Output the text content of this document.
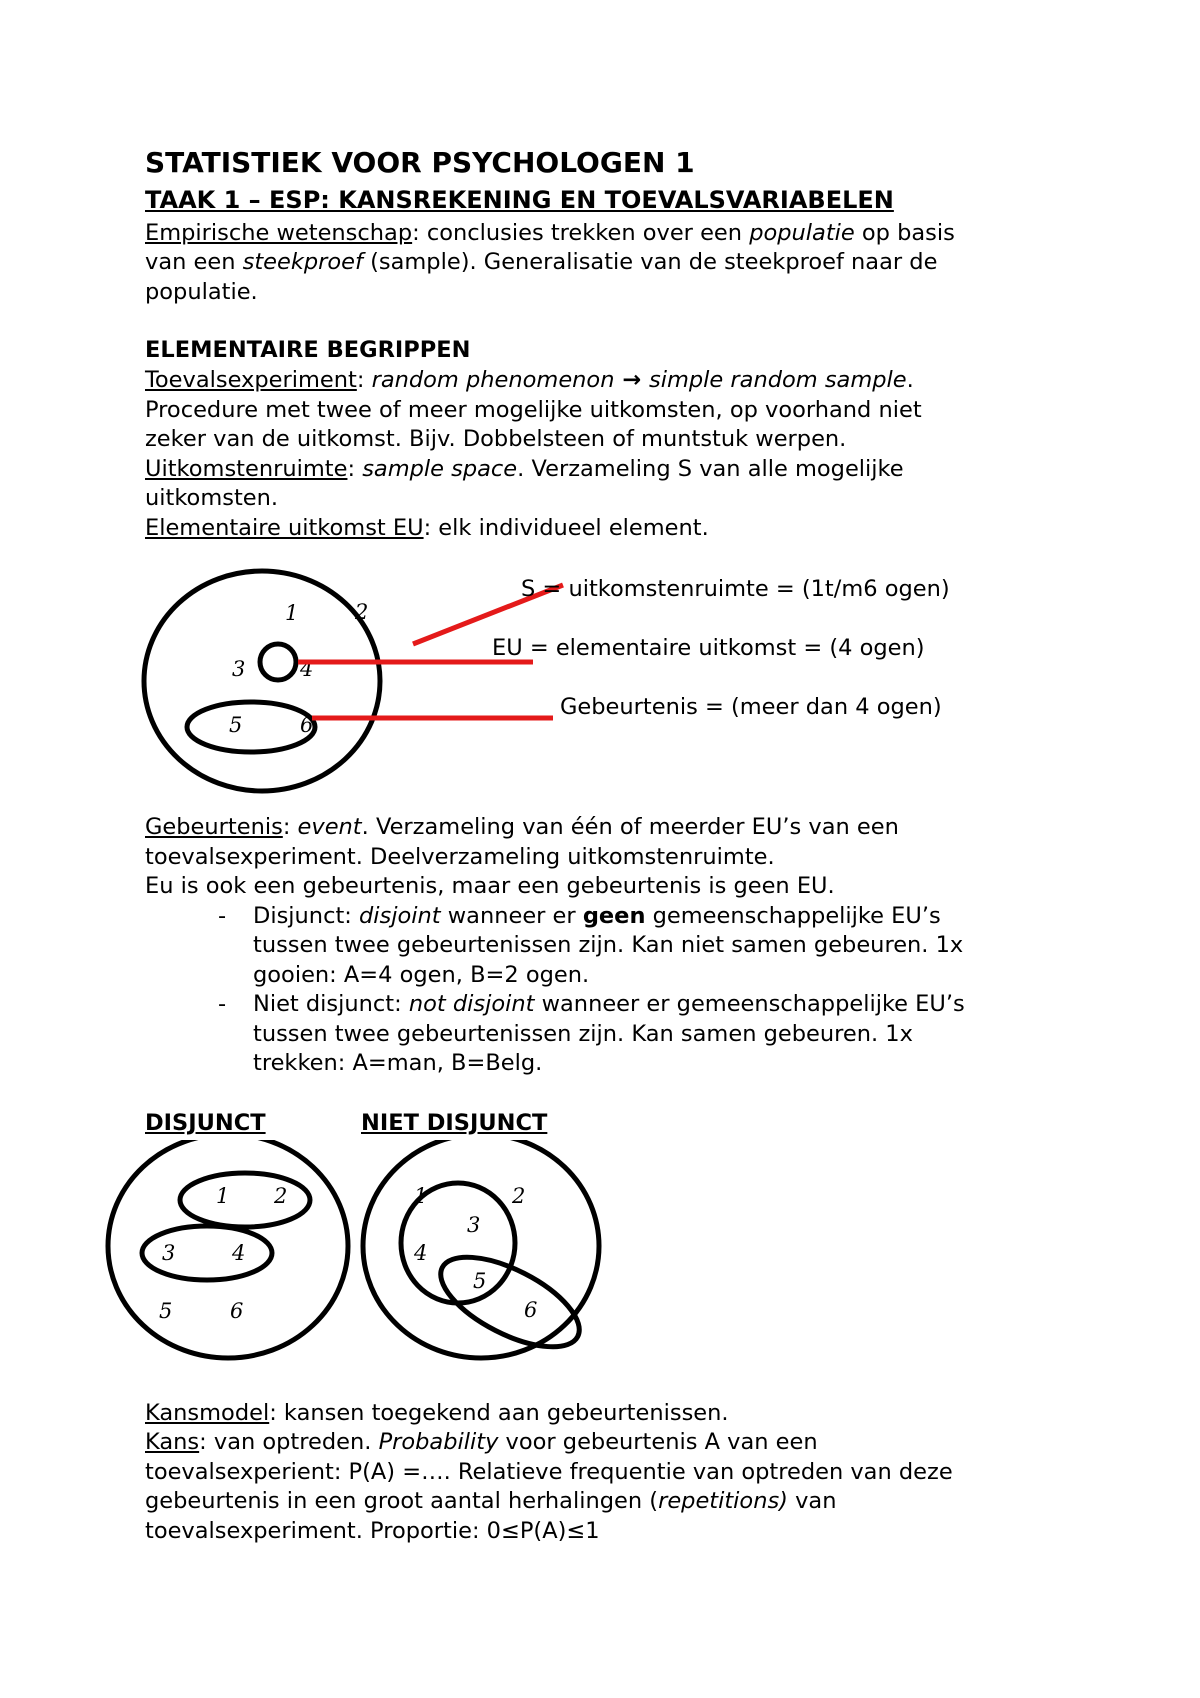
STATISTIEK VOOR PSYCHOLOGEN 1
TAAK 1 – ESP: KANSREKENING EN TOEVALSVARIABELEN
Empirische wetenschap: conclusies trekken over een populatie op basis
van een steekproef (sample). Generalisatie van de steekproef naar de
populatie.
ELEMENTAIRE BEGRIPPEN
Toevalsexperiment: random phenomenon → simple random sample.
Procedure met twee of meer mogelijke uitkomsten, op voorhand niet
zeker van de uitkomst. Bijv. Dobbelsteen of muntstuk werpen.
Uitkomstenruimte: sample space. Verzameling S van alle mogelijke
uitkomsten.
Elementaire uitkomst EU: elk individueel element.
1	2
3	4
5	6
S = uitkomstenruimte = (1t/m6 ogen)
EU = elementaire uitkomst = (4 ogen)
Gebeurtenis = (meer dan 4 ogen)
Gebeurtenis: event. Verzameling van één of meerder EU’s van een
toevalsexperiment. Deelverzameling uitkomstenruimte.
Eu is ook een gebeurtenis, maar een gebeurtenis is geen EU.
- Disjunct: disjoint wanneer er geen gemeenschappelijke EU’s
tussen twee gebeurtenissen zijn. Kan niet samen gebeuren. 1x
gooien: A=4 ogen, B=2 ogen.
- Niet disjunct: not disjoint wanneer er gemeenschappelijke EU’s
tussen twee gebeurtenissen zijn. Kan samen gebeuren. 1x
trekken: A=man, B=Belg.
DISJUNCT	NIET DISJUNCT
1 2
3	4
5	6
1	2
3
4
5
6
Kansmodel: kansen toegekend aan gebeurtenissen.
Kans: van optreden. Probability voor gebeurtenis A van een
toevalsexperient: P(A) =…. Relatieve frequentie van optreden van deze
gebeurtenis in een groot aantal herhalingen (repetitions) van
toevalsexperiment. Proportie: 0≤P(A)≤1
